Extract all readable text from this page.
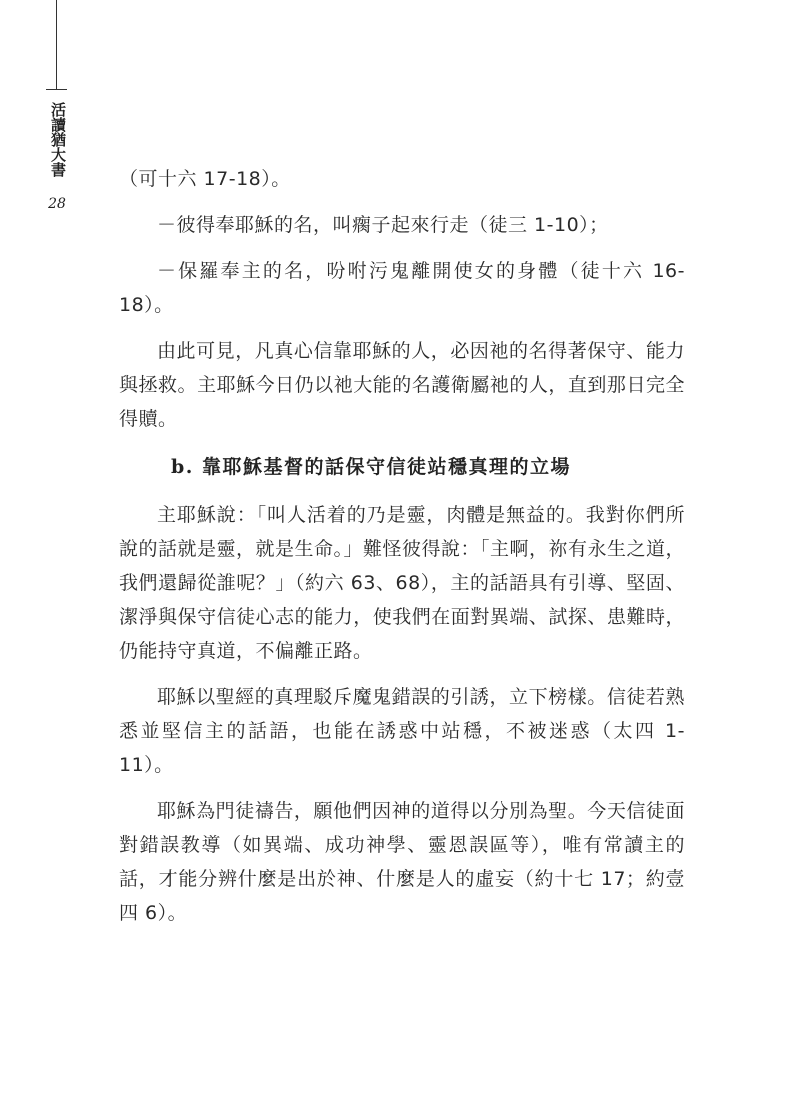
活讀猶大書
28

（可十六 17-18）。

－彼得奉耶穌的名，叫瘸子起來行走（徒三 1-10）；

－保羅奉主的名，吩咐污鬼離開使女的身體（徒十六 16-18）。

由此可見，凡真心信靠耶穌的人，必因祂的名得著保守、能力與拯救。主耶穌今日仍以祂大能的名護衛屬祂的人，直到那日完全得贖。

b. 靠耶穌基督的話保守信徒站穩真理的立場

主耶穌說：「叫人活着的乃是靈，肉體是無益的。我對你們所說的話就是靈，就是生命。」難怪彼得說：「主啊，祢有永生之道，我們還歸從誰呢？」（約六 63、68），主的話語具有引導、堅固、潔淨與保守信徒心志的能力，使我們在面對異端、試探、患難時，仍能持守真道，不偏離正路。

耶穌以聖經的真理駁斥魔鬼錯誤的引誘，立下榜樣。信徒若熟悉並堅信主的話語，也能在誘惑中站穩，不被迷惑（太四 1-11）。

耶穌為門徒禱告，願他們因神的道得以分別為聖。今天信徒面對錯誤教導（如異端、成功神學、靈恩誤區等），唯有常讀主的話，才能分辨什麼是出於神、什麼是人的虛妄（約十七 17；約壹四 6）。
